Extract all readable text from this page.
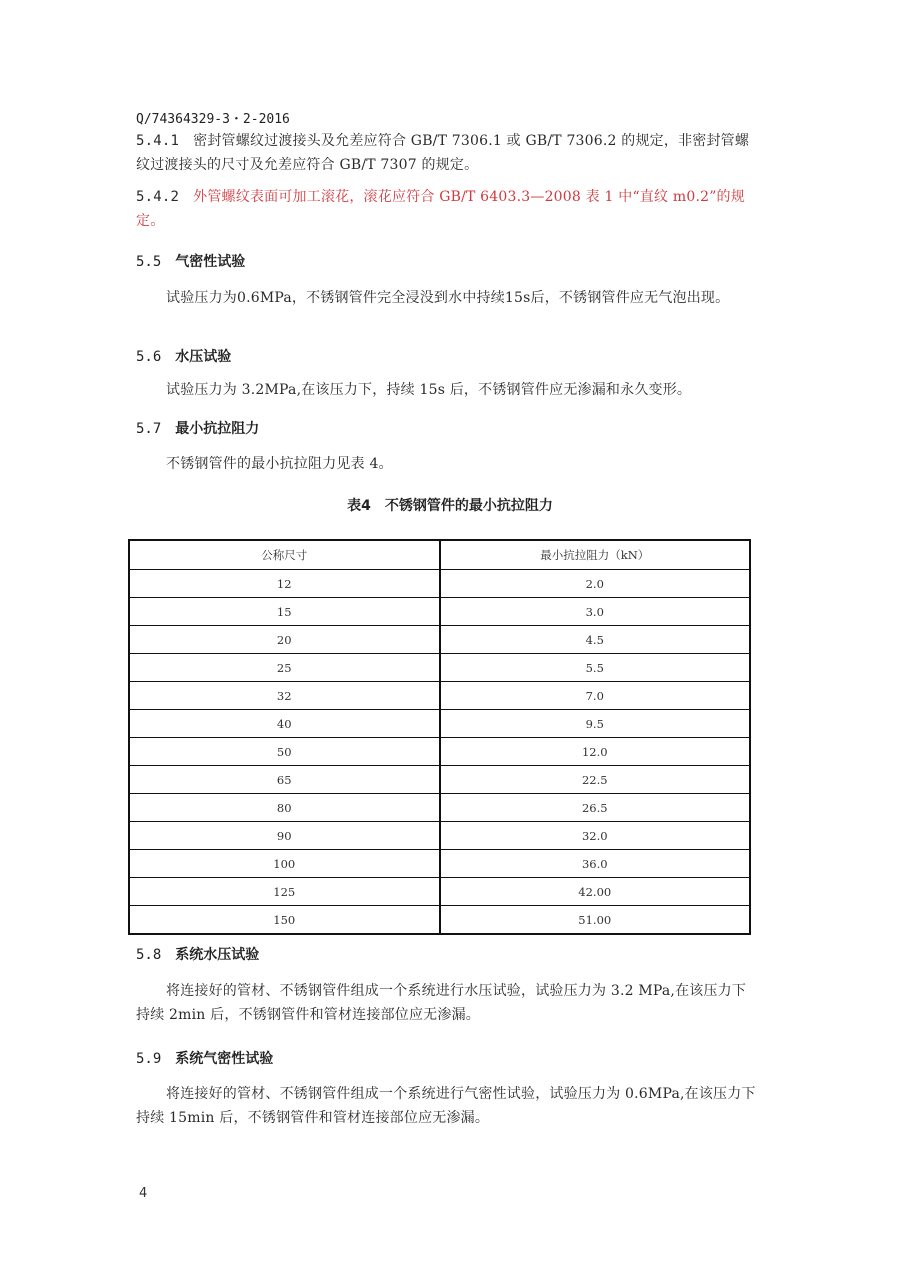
Q/74364329-3・2-2016
5.4.1 密封管螺纹过渡接头及允差应符合 GB/T 7306.1 或 GB/T 7306.2 的规定，非密封管螺纹过渡接头的尺寸及允差应符合 GB/T 7307 的规定。
5.4.2 外管螺纹表面可加工滚花，滚花应符合 GB/T 6403.3—2008 表 1 中“直纹 m0.2”的规定。
5.5 气密性试验
试验压力为0.6MPa，不锈钢管件完全浸没到水中持续15s后，不锈钢管件应无气泡出现。
5.6 水压试验
试验压力为 3.2MPa,在该压力下，持续 15s 后，不锈钢管件应无渗漏和永久变形。
5.7 最小抗拉阻力
不锈钢管件的最小抗拉阻力见表 4。
表4 不锈钢管件的最小抗拉阻力
公称尺寸	最小抗拉阻力（kN）
12	2.0
15	3.0
20	4.5
25	5.5
32	7.0
40	9.5
50	12.0
65	22.5
80	26.5
90	32.0
100	36.0
125	42.00
150	51.00
5.8 系统水压试验
将连接好的管材、不锈钢管件组成一个系统进行水压试验，试验压力为 3.2 MPa,在该压力下持续 2min 后，不锈钢管件和管材连接部位应无渗漏。
5.9 系统气密性试验
将连接好的管材、不锈钢管件组成一个系统进行气密性试验，试验压力为 0.6MPa,在该压力下持续 15min 后，不锈钢管件和管材连接部位应无渗漏。
4
